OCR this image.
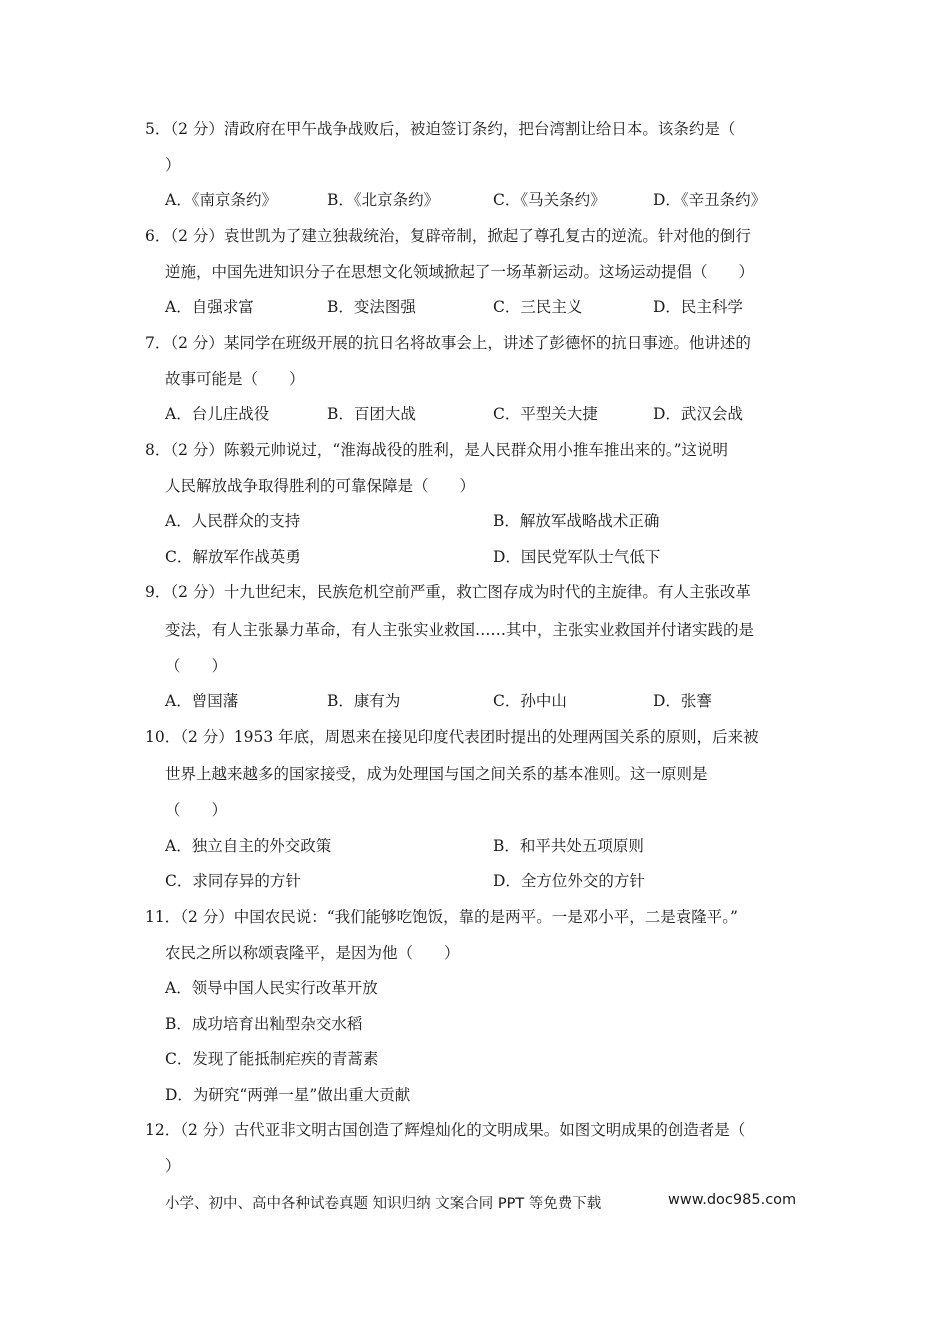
5．（2 分）清政府在甲午战争战败后，被迫签订条约，把台湾割让给日本。该条约是（
）
A．《南京条约》	B．《北京条约》	C．《马关条约》	D．《辛丑条约》
6．（2 分）袁世凯为了建立独裁统治，复辟帝制，掀起了尊孔复古的逆流。针对他的倒行
逆施，中国先进知识分子在思想文化领域掀起了一场革新运动。这场运动提倡（　　）
A．自强求富	B．变法图强	C．三民主义	D．民主科学
7．（2 分）某同学在班级开展的抗日名将故事会上，讲述了彭德怀的抗日事迹。他讲述的
故事可能是（　　）
A．台儿庄战役	B．百团大战	C．平型关大捷	D．武汉会战
8．（2 分）陈毅元帅说过，“淮海战役的胜利，是人民群众用小推车推出来的。”这说明
人民解放战争取得胜利的可靠保障是（　　）
A．人民群众的支持	B．解放军战略战术正确
C．解放军作战英勇	D．国民党军队士气低下
9．（2 分）十九世纪末，民族危机空前严重，救亡图存成为时代的主旋律。有人主张改革
变法，有人主张暴力革命，有人主张实业救国……其中，主张实业救国并付诸实践的是
（　　）
A．曾国藩	B．康有为	C．孙中山	D．张謇
10．（2 分）1953 年底，周恩来在接见印度代表团时提出的处理两国关系的原则，后来被
世界上越来越多的国家接受，成为处理国与国之间关系的基本准则。这一原则是
（　　）
A．独立自主的外交政策	B．和平共处五项原则
C．求同存异的方针	D．全方位外交的方针
11．（2 分）中国农民说：“我们能够吃饱饭，靠的是两平。一是邓小平，二是袁隆平。”
农民之所以称颂袁隆平，是因为他（　　）
A．领导中国人民实行改革开放
B．成功培育出籼型杂交水稻
C．发现了能抵制疟疾的青蒿素
D．为研究“两弹一星”做出重大贡献
12．（2 分）古代亚非文明古国创造了辉煌灿化的文明成果。如图文明成果的创造者是（
）
小学、初中、高中各种试卷真题 知识归纳 文案合同 PPT 等免费下载	www.doc985.com
